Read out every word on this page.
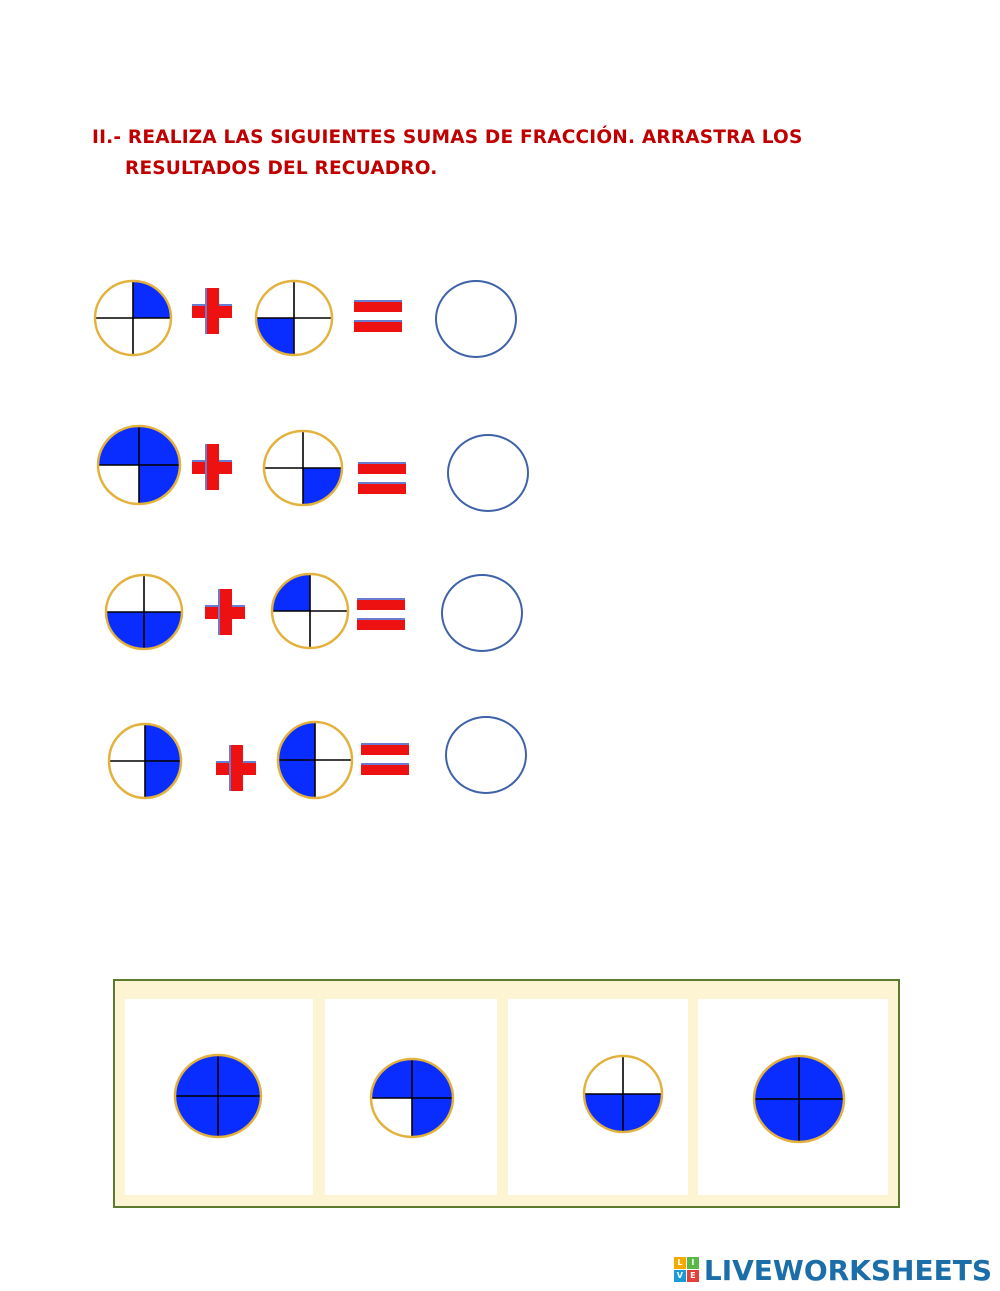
II.- REALIZA LAS SIGUIENTES SUMAS DE FRACCIÓN. ARRASTRA LOS
RESULTADOS DEL RECUADRO.
L	I
V E LIVEWORKSHEETS
